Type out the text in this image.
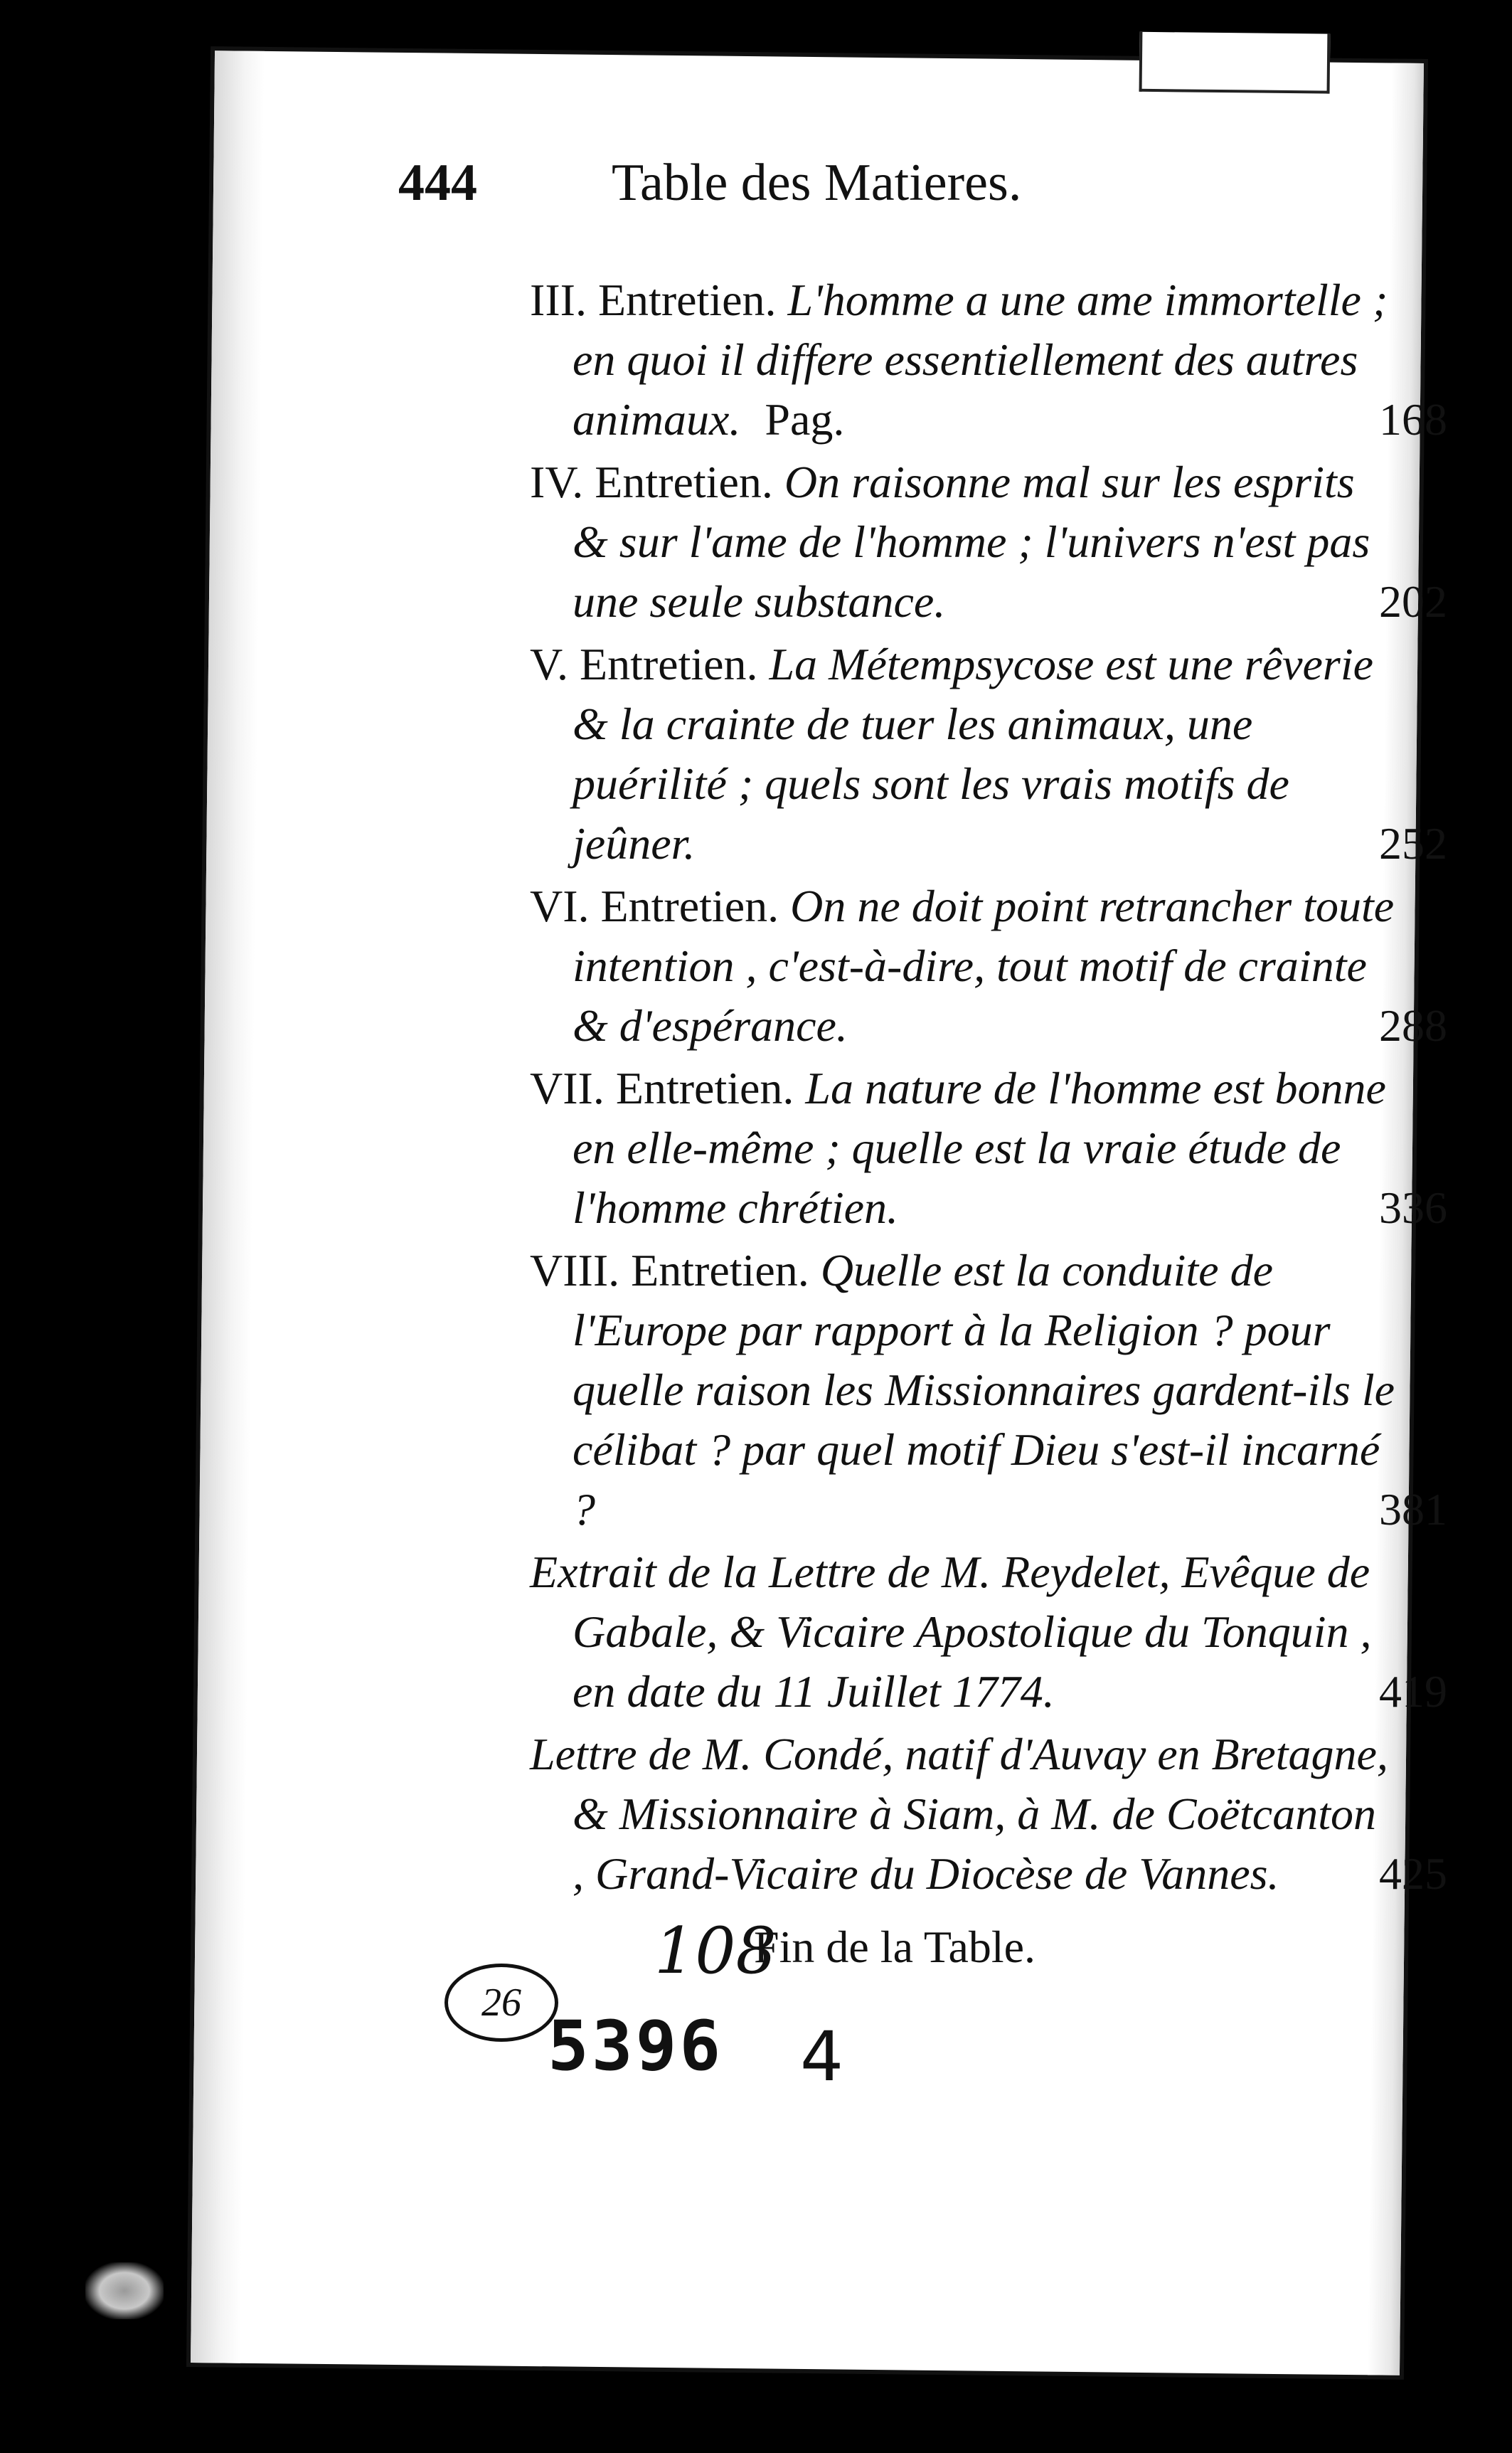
444	Table des Matieres.
III. Entretien. L'homme a une ame immortelle ; en quoi il differe essentiellement des autres animaux. Pag.	168
IV. Entretien. On raisonne mal sur les esprits & sur l'ame de l'homme ; l'univers n'est pas une seule substance.	202
V. Entretien. La Métempsycose est une rêverie & la crainte de tuer les animaux, une puérilité ; quels sont les vrais motifs de jeûner.	252
VI. Entretien. On ne doit point retrancher toute intention , c'est-à-dire, tout motif de crainte & d'espérance.	288
VII. Entretien. La nature de l'homme est bonne en elle-même ; quelle est la vraie étude de l'homme chrétien.	336
VIII. Entretien. Quelle est la conduite de l'Europe par rapport à la Religion ? pour quelle raison les Missionnaires gardent-ils le célibat ? par quel motif Dieu s'est-il incarné ?	381
Extrait de la Lettre de M. Reydelet, Evêque de Gabale, & Vicaire Apostolique du Tonquin , en date du 11 Juillet 1774.	419
Lettre de M. Condé, natif d'Auvay en Bretagne, & Missionnaire à Siam, à M. de Coëtcanton , Grand-Vicaire du Diocèse de Vannes. 425
Fin de la Table.
26
108
5396 4
